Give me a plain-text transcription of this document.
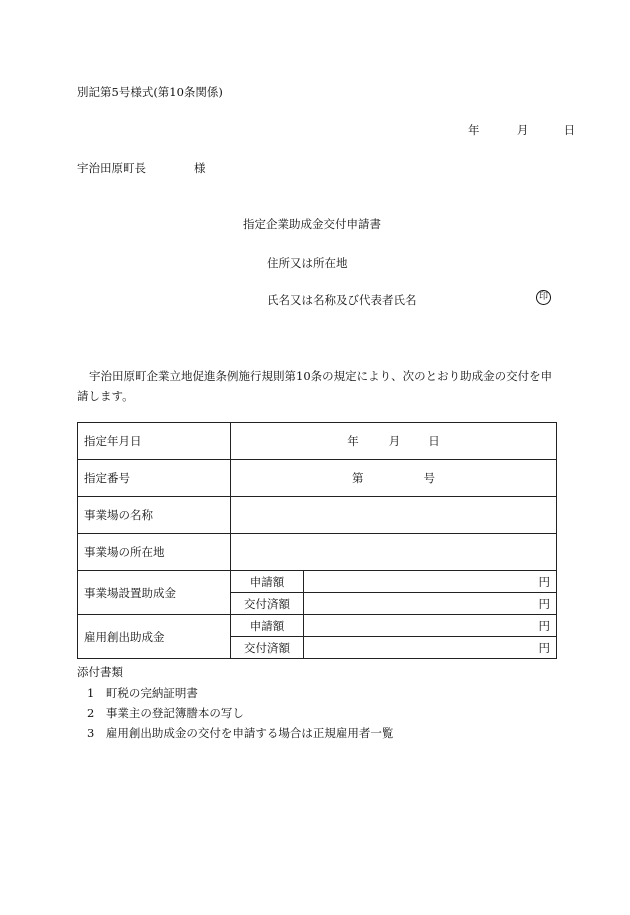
別記第5号様式(第10条関係)
年	月	日
宇治田原町長	様
指定企業助成金交付申請書
住所又は所在地
氏名又は名称及び代表者氏名	印
宇治田原町企業立地促進条例施行規則第10条の規定により、次のとおり助成金の交付を申請します。
指定年月日	年 月 日	
指定番号	第 号	
事業場の名称		
事業場の所在地		
事業場設置助成金	申請額	円
	交付済額	円
雇用創出助成金	申請額	円
	交付済額	円
添付書類
1　町税の完納証明書
2　事業主の登記簿謄本の写し
3　雇用創出助成金の交付を申請する場合は正規雇用者一覧
